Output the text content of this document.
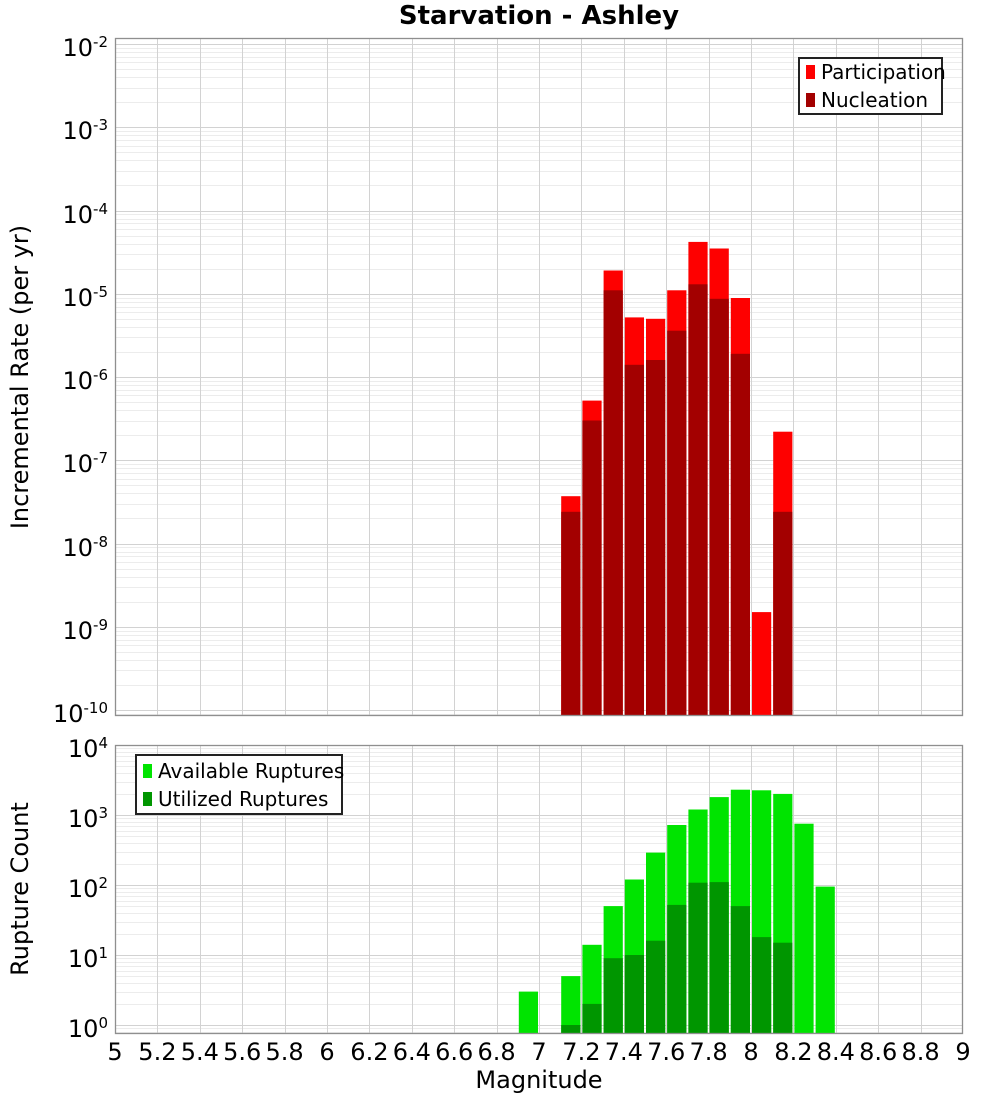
Starvation - Ashley
Incremental Rate (per yr)
Rupture Count
Magnitude
$10^{-2}$
$10^{-3}$
$10^{-4}$
$10^{-5}$
$10^{-6}$
$10^{-7}$
$10^{-8}$
$10^{-9}$
$10^{-10}$
$10^4$
$10^3$
$10^2$
$10^1$
$10^0$
5 5.2 5.4 5.6 5.8 6 6.2 6.4 6.6 6.8 7 7.2 7.4 7.6 7.8 8 8.2 8.4 8.6 8.8 9
Participation
Nucleation
Available Ruptures
Utilized Ruptures
